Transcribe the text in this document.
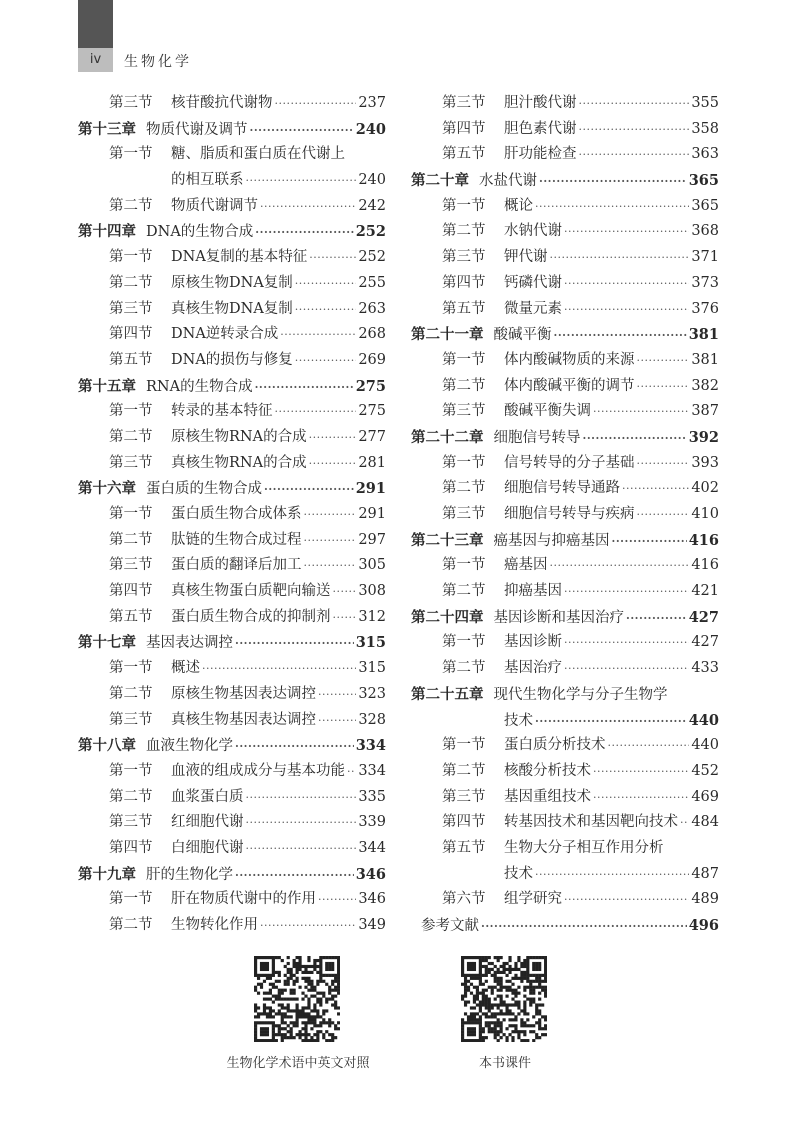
iv	生物化学
第三节	核苷酸抗代谢物 ·····	237
第十三章 物质代谢及调节 ·····	240
第一节	糖、脂质和蛋白质在代谢上
的相互联系 ·····	240
第二节	物质代谢调节 ·····	242
第十四章 DNA的生物合成 ·····	252
第一节	DNA复制的基本特征 ·····	252
第二节	原核生物DNA复制 ·····	255
第三节	真核生物DNA复制 ·····	263
第四节	DNA逆转录合成 ·····	268
第五节	DNA的损伤与修复 ·····	269
第十五章 RNA的生物合成 ·····	275
第一节	转录的基本特征 ·····	275
第二节	原核生物RNA的合成 ·····	277
第三节	真核生物RNA的合成 ·····	281
第十六章 蛋白质的生物合成 ·····	291
第一节	蛋白质生物合成体系 ·····	291
第二节	肽链的生物合成过程 ·····	297
第三节	蛋白质的翻译后加工 ·····	305
第四节	真核生物蛋白质靶向输送 ····· 308
第五节	蛋白质生物合成的抑制剂 ····· 312
第十七章 基因表达调控 ·····	315
第一节	概述 ·····	315
第二节	原核生物基因表达调控 ·····	323
第三节	真核生物基因表达调控 ·····	328
第十八章 血液生物化学 ·····	334
第一节	血液的组成成分与基本功能 ····· 334
第二节	血浆蛋白质 ·····	335
第三节	红细胞代谢 ·····	339
第四节	白细胞代谢 ·····	344
第十九章 肝的生物化学 ·····	346
第一节	肝在物质代谢中的作用 ·····	346
第二节	生物转化作用 ·····	349
第三节	胆汁酸代谢 ·····	355
第四节	胆色素代谢 ·····	358
第五节	肝功能检查 ·····	363
第二十章 水盐代谢 ·····	365
第一节	概论 ·····	365
第二节	水钠代谢 ·····	368
第三节	钾代谢 ·····	371
第四节	钙磷代谢 ·····	373
第五节	微量元素 ·····	376
第二十一章 酸碱平衡 ·····	381
第一节	体内酸碱物质的来源 ·····	381
第二节	体内酸碱平衡的调节 ·····	382
第三节	酸碱平衡失调 ·····	387
第二十二章 细胞信号转导 ·····	392
第一节	信号转导的分子基础 ·····	393
第二节	细胞信号转导通路 ·····	402
第三节	细胞信号转导与疾病 ·····	410
第二十三章 癌基因与抑癌基因 ·····	416
第一节	癌基因 ·····	416
第二节	抑癌基因 ·····	421
第二十四章 基因诊断和基因治疗 ·····	427
第一节	基因诊断 ·····	427
第二节	基因治疗 ·····	433
第二十五章 现代生物化学与分子生物学
技术 ·····	440
第一节	蛋白质分析技术 ·····	440
第二节	核酸分析技术 ·····	452
第三节	基因重组技术 ·····	469
第四节	转基因技术和基因靶向技术 ····· 484
第五节	生物大分子相互作用分析
技术 ·····	487
第六节	组学研究 ·····	489
参考文献 ·····	496
生物化学术语中英文对照	本书课件
